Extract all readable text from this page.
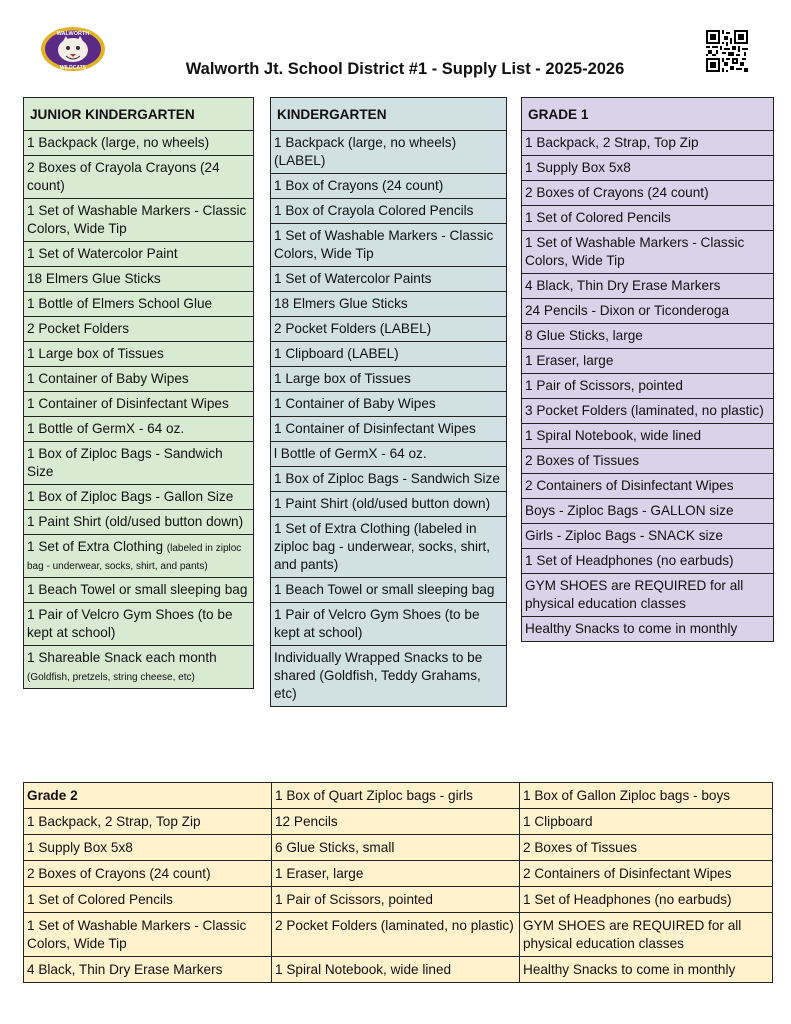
WALWORTH
WILDCATS	Walworth Jt. School District #1 - Supply List - 2025-2026
JUNIOR KINDERGARTEN
1 Backpack (large, no wheels)
2 Boxes of Crayola Crayons (24 count)
1 Set of Washable Markers - Classic Colors, Wide Tip
1 Set of Watercolor Paint
18 Elmers Glue Sticks
1 Bottle of Elmers School Glue
2 Pocket Folders
1 Large box of Tissues
1 Container of Baby Wipes
1 Container of Disinfectant Wipes
1 Bottle of GermX - 64 oz.
1 Box of Ziploc Bags - Sandwich Size
1 Box of Ziploc Bags - Gallon Size
1 Paint Shirt (old/used button down)
1 Set of Extra Clothing (labeled in ziploc bag - underwear, socks, shirt, and pants)
1 Beach Towel or small sleeping bag
1 Pair of Velcro Gym Shoes (to be kept at school)
1 Shareable Snack each month (Goldfish, pretzels, string cheese, etc)
KINDERGARTEN
1 Backpack (large, no wheels) (LABEL)
1 Box of Crayons (24 count)
1 Box of Crayola Colored Pencils
1 Set of Washable Markers - Classic Colors, Wide Tip
1 Set of Watercolor Paints
18 Elmers Glue Sticks
2 Pocket Folders (LABEL)
1 Clipboard (LABEL)
1 Large box of Tissues
1 Container of Baby Wipes
1 Container of Disinfectant Wipes
l Bottle of GermX - 64 oz.
1 Box of Ziploc Bags - Sandwich Size
1 Paint Shirt (old/used button down)
1 Set of Extra Clothing (labeled in ziploc bag - underwear, socks, shirt, and pants)
1 Beach Towel or small sleeping bag
1 Pair of Velcro Gym Shoes (to be kept at school)
Individually Wrapped Snacks to be shared (Goldfish, Teddy Grahams, etc)
GRADE 1
1 Backpack, 2 Strap, Top Zip
1 Supply Box 5x8
2 Boxes of Crayons (24 count)
1 Set of Colored Pencils
1 Set of Washable Markers - Classic Colors, Wide Tip
4 Black, Thin Dry Erase Markers
24 Pencils - Dixon or Ticonderoga
8 Glue Sticks, large
1 Eraser, large
1 Pair of Scissors, pointed
3 Pocket Folders (laminated, no plastic)
1 Spiral Notebook, wide lined
2 Boxes of Tissues
2 Containers of Disinfectant Wipes
Boys - Ziploc Bags - GALLON size
Girls - Ziploc Bags - SNACK size
1 Set of Headphones (no earbuds)
GYM SHOES are REQUIRED for all physical education classes
Healthy Snacks to come in monthly
Grade 2	1 Box of Quart Ziploc bags - girls	1 Box of Gallon Ziploc bags - boys
1 Backpack, 2 Strap, Top Zip	12 Pencils	1 Clipboard
1 Supply Box 5x8	6 Glue Sticks, small	2 Boxes of Tissues
2 Boxes of Crayons (24 count)	1 Eraser, large	2 Containers of Disinfectant Wipes
1 Set of Colored Pencils	1 Pair of Scissors, pointed	1 Set of Headphones (no earbuds)
1 Set of Washable Markers - Classic Colors, Wide Tip	2 Pocket Folders (laminated, no plastic)	GYM SHOES are REQUIRED for all physical education classes
4 Black, Thin Dry Erase Markers	1 Spiral Notebook, wide lined	Healthy Snacks to come in monthly
